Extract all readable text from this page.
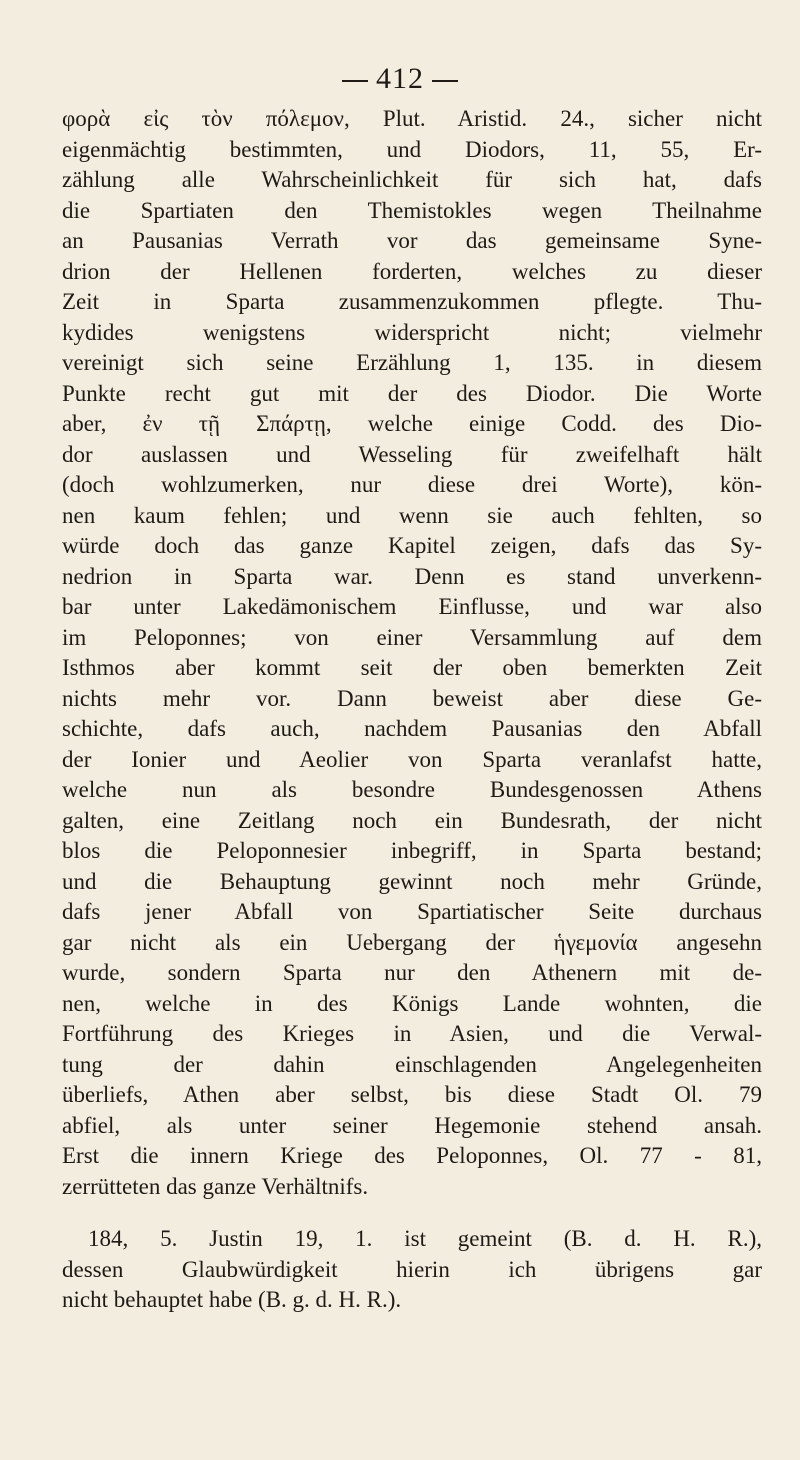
412
φορὰ εἰς τὸν πόλεμον, Plut. Aristid. 24., sicher nicht
eigenmächtig bestimmten, und Diodors, 11, 55, Er-
zählung alle Wahrscheinlichkeit für sich hat, dafs
die Spartiaten den Themistokles wegen Theilnahme
an Pausanias Verrath vor das gemeinsame Syne-
drion der Hellenen forderten, welches zu dieser
Zeit in Sparta zusammenzukommen pflegte. Thu-
kydides wenigstens widerspricht nicht; vielmehr
vereinigt sich seine Erzählung 1, 135. in diesem
Punkte recht gut mit der des Diodor. Die Worte
aber, ἐν τῇ Σπάρτῃ, welche einige Codd. des Dio-
dor auslassen und Wesseling für zweifelhaft hält
(doch wohlzumerken, nur diese drei Worte), kön-
nen kaum fehlen; und wenn sie auch fehlten, so
würde doch das ganze Kapitel zeigen, dafs das Sy-
nedrion in Sparta war. Denn es stand unverkenn-
bar unter Lakedämonischem Einflusse, und war also
im Peloponnes; von einer Versammlung auf dem
Isthmos aber kommt seit der oben bemerkten Zeit
nichts mehr vor. Dann beweist aber diese Ge-
schichte, dafs auch, nachdem Pausanias den Abfall
der Ionier und Aeolier von Sparta veranlafst hatte,
welche nun als besondre Bundesgenossen Athens
galten, eine Zeitlang noch ein Bundesrath, der nicht
blos die Peloponnesier inbegriff, in Sparta bestand;
und die Behauptung gewinnt noch mehr Gründe,
dafs jener Abfall von Spartiatischer Seite durchaus
gar nicht als ein Uebergang der ἡγεμονία angesehn
wurde, sondern Sparta nur den Athenern mit de-
nen, welche in des Königs Lande wohnten, die
Fortführung des Krieges in Asien, und die Verwal-
tung der dahin einschlagenden Angelegenheiten
überliefs, Athen aber selbst, bis diese Stadt Ol. 79
abfiel, als unter seiner Hegemonie stehend ansah.
Erst die innern Kriege des Peloponnes, Ol. 77 - 81,
zerrütteten das ganze Verhältnifs.
184, 5. Justin 19, 1. ist gemeint (B. d. H. R.),
dessen Glaubwürdigkeit hierin ich übrigens gar
nicht behauptet habe (B. g. d. H. R.).
